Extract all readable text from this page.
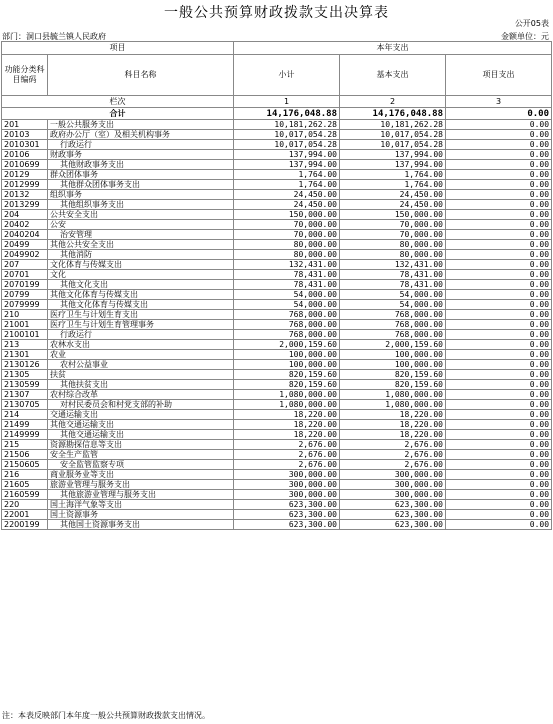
一般公共预算财政拨款支出决算表
公开05表
部门：洞口县毓兰镇人民政府	金额单位：元
项目		本年支出		
功能分类科目编码	科目名称	小计	基本支出	项目支出
栏次		1	2	3
合计		14,176,048.88	14,176,048.88	0.00
201	一般公共服务支出	10,181,262.28	10,181,262.28	0.00
20103	政府办公厅（室）及相关机构事务	10,017,054.28	10,017,054.28	0.00
2010301	行政运行	10,017,054.28	10,017,054.28	0.00
20106	财政事务	137,994.00	137,994.00	0.00
2010699	其他财政事务支出	137,994.00	137,994.00	0.00
20129	群众团体事务	1,764.00	1,764.00	0.00
2012999	其他群众团体事务支出	1,764.00	1,764.00	0.00
20132	组织事务	24,450.00	24,450.00	0.00
2013299	其他组织事务支出	24,450.00	24,450.00	0.00
204	公共安全支出	150,000.00	150,000.00	0.00
20402	公安	70,000.00	70,000.00	0.00
2040204	治安管理	70,000.00	70,000.00	0.00
20499	其他公共安全支出	80,000.00	80,000.00	0.00
2049902	其他消防	80,000.00	80,000.00	0.00
207	文化体育与传媒支出	132,431.00	132,431.00	0.00
20701	文化	78,431.00	78,431.00	0.00
2070199	其他文化支出	78,431.00	78,431.00	0.00
20799	其他文化体育与传媒支出	54,000.00	54,000.00	0.00
2079999	其他文化体育与传媒支出	54,000.00	54,000.00	0.00
210	医疗卫生与计划生育支出	768,000.00	768,000.00	0.00
21001	医疗卫生与计划生育管理事务	768,000.00	768,000.00	0.00
2100101	行政运行	768,000.00	768,000.00	0.00
213	农林水支出	2,000,159.60	2,000,159.60	0.00
21301	农业	100,000.00	100,000.00	0.00
2130126	农村公益事业	100,000.00	100,000.00	0.00
21305	扶贫	820,159.60	820,159.60	0.00
2130599	其他扶贫支出	820,159.60	820,159.60	0.00
21307	农村综合改革	1,080,000.00	1,080,000.00	0.00
2130705	对村民委员会和村党支部的补助	1,080,000.00	1,080,000.00	0.00
214	交通运输支出	18,220.00	18,220.00	0.00
21499	其他交通运输支出	18,220.00	18,220.00	0.00
2149999	其他交通运输支出	18,220.00	18,220.00	0.00
215	资源勘探信息等支出	2,676.00	2,676.00	0.00
21506	安全生产监管	2,676.00	2,676.00	0.00
2150605	安全监管监察专项	2,676.00	2,676.00	0.00
216	商业服务业等支出	300,000.00	300,000.00	0.00
21605	旅游业管理与服务支出	300,000.00	300,000.00	0.00
2160599	其他旅游业管理与服务支出	300,000.00	300,000.00	0.00
220	国土海洋气象等支出	623,300.00	623,300.00	0.00
22001	国土资源事务	623,300.00	623,300.00	0.00
2200199	其他国土资源事务支出	623,300.00	623,300.00	0.00
注：本表反映部门本年度一般公共预算财政拨款支出情况。
